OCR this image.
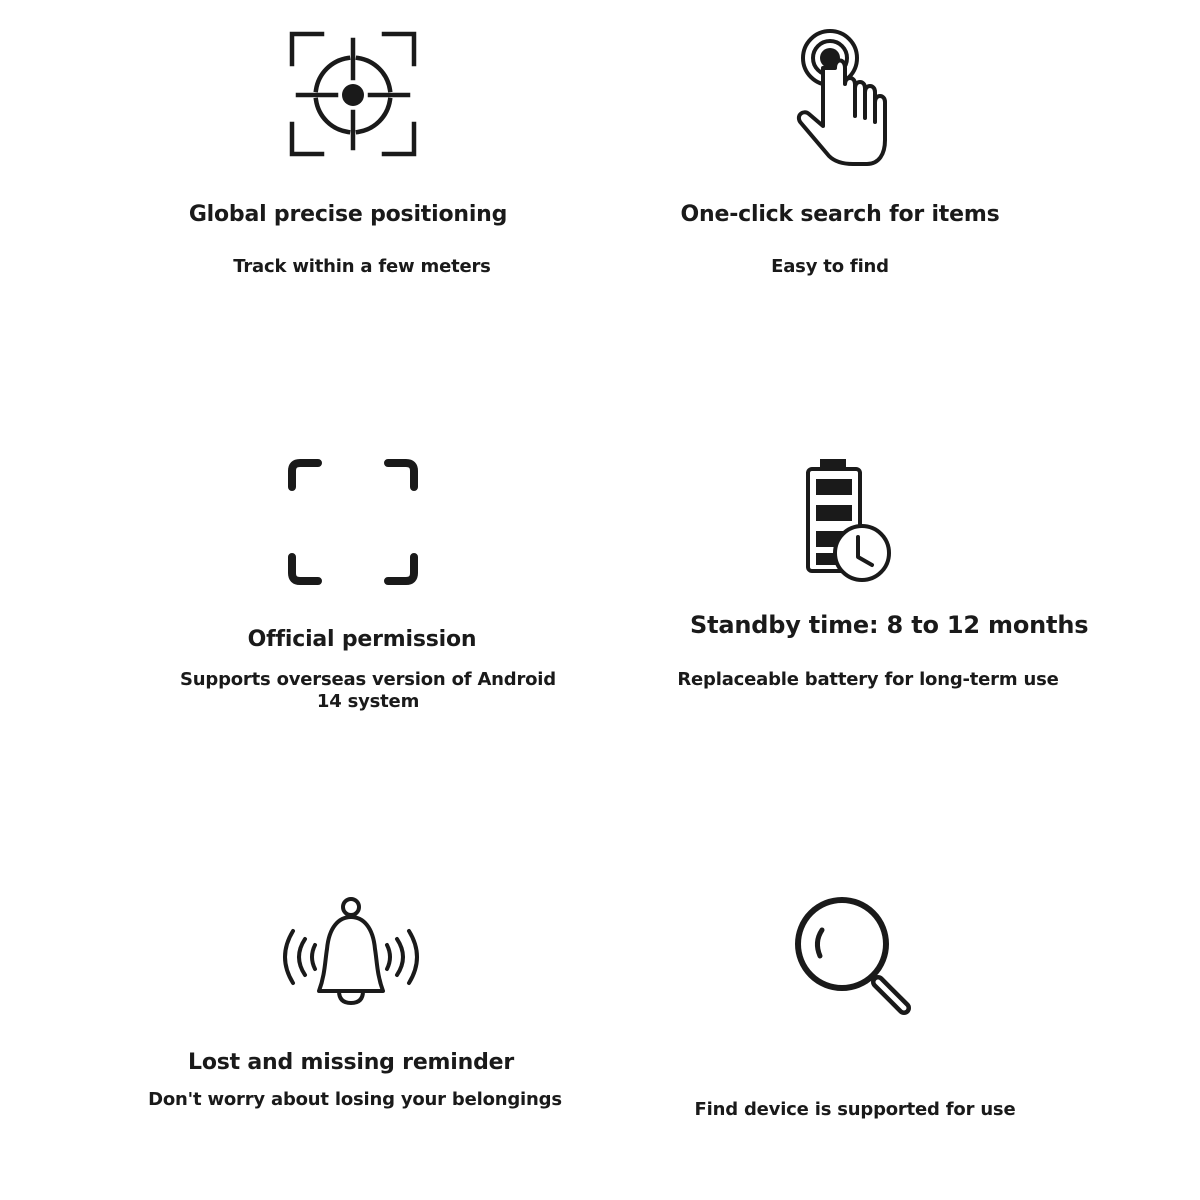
Global precise positioning
Track within a few meters
One-click search for items
Easy to find
Official permission
Supports overseas version of Android
14 system
Standby time: 8 to 12 months
Replaceable battery for long-term use
Lost and missing reminder
Don't worry about losing your belongings	Find device is supported for use
